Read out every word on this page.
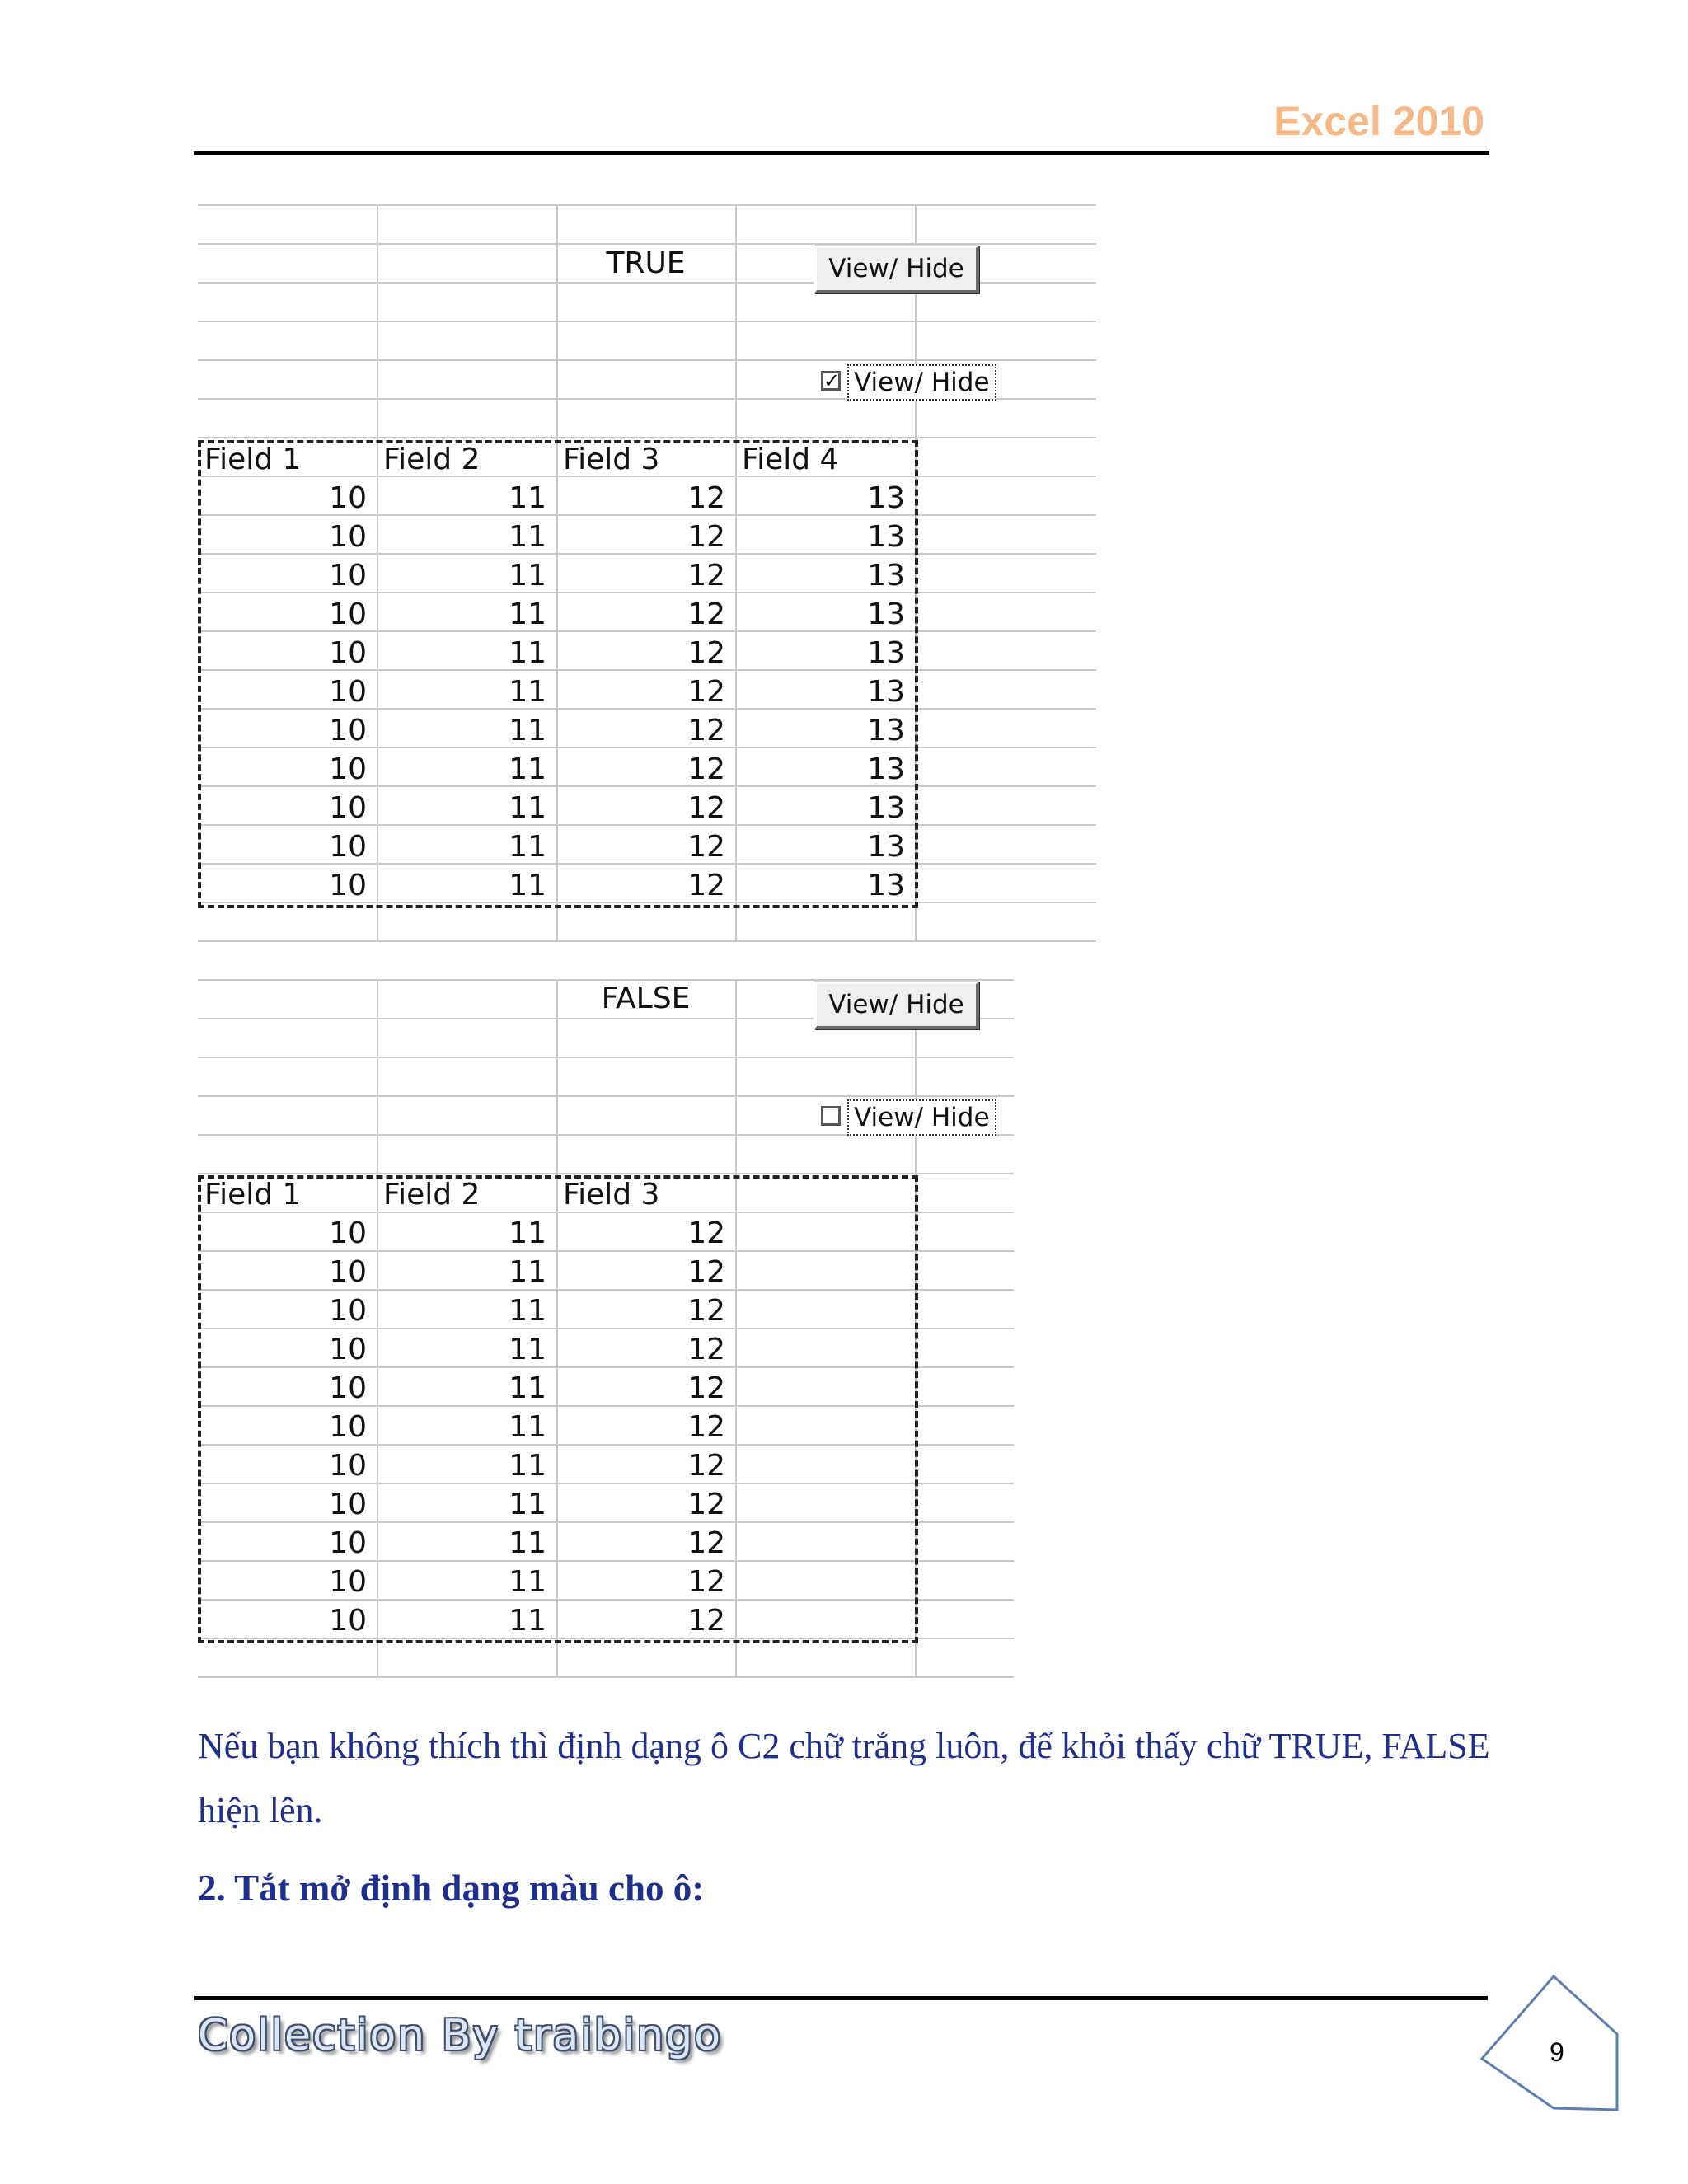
Excel 2010
Field 1	Field 2	Field 3	Field 4
10	11	12	13
10	11	12	13
10	11	12	13
10	11	12	13
10	11	12	13
10	11	12	13
10	11	12	13
10	11	12	13
10	11	12	13
10	11	12	13
10	11	12	13
TRUE	View/ Hide
✓ View/ Hide
Field 1	Field 2	Field 3
10	11	12
10	11	12
10	11	12
10	11	12
10	11	12
10	11	12
10	11	12
10	11	12
10	11	12
10	11	12
10	11	12
FALSE	View/ Hide
View/ Hide
Nếu bạn không thích thì định dạng ô C2 chữ trắng luôn, để khỏi thấy chữ TRUE, FALSE hiện lên.
2. Tắt mở định dạng màu cho ô:
Collection By traibingo	9
